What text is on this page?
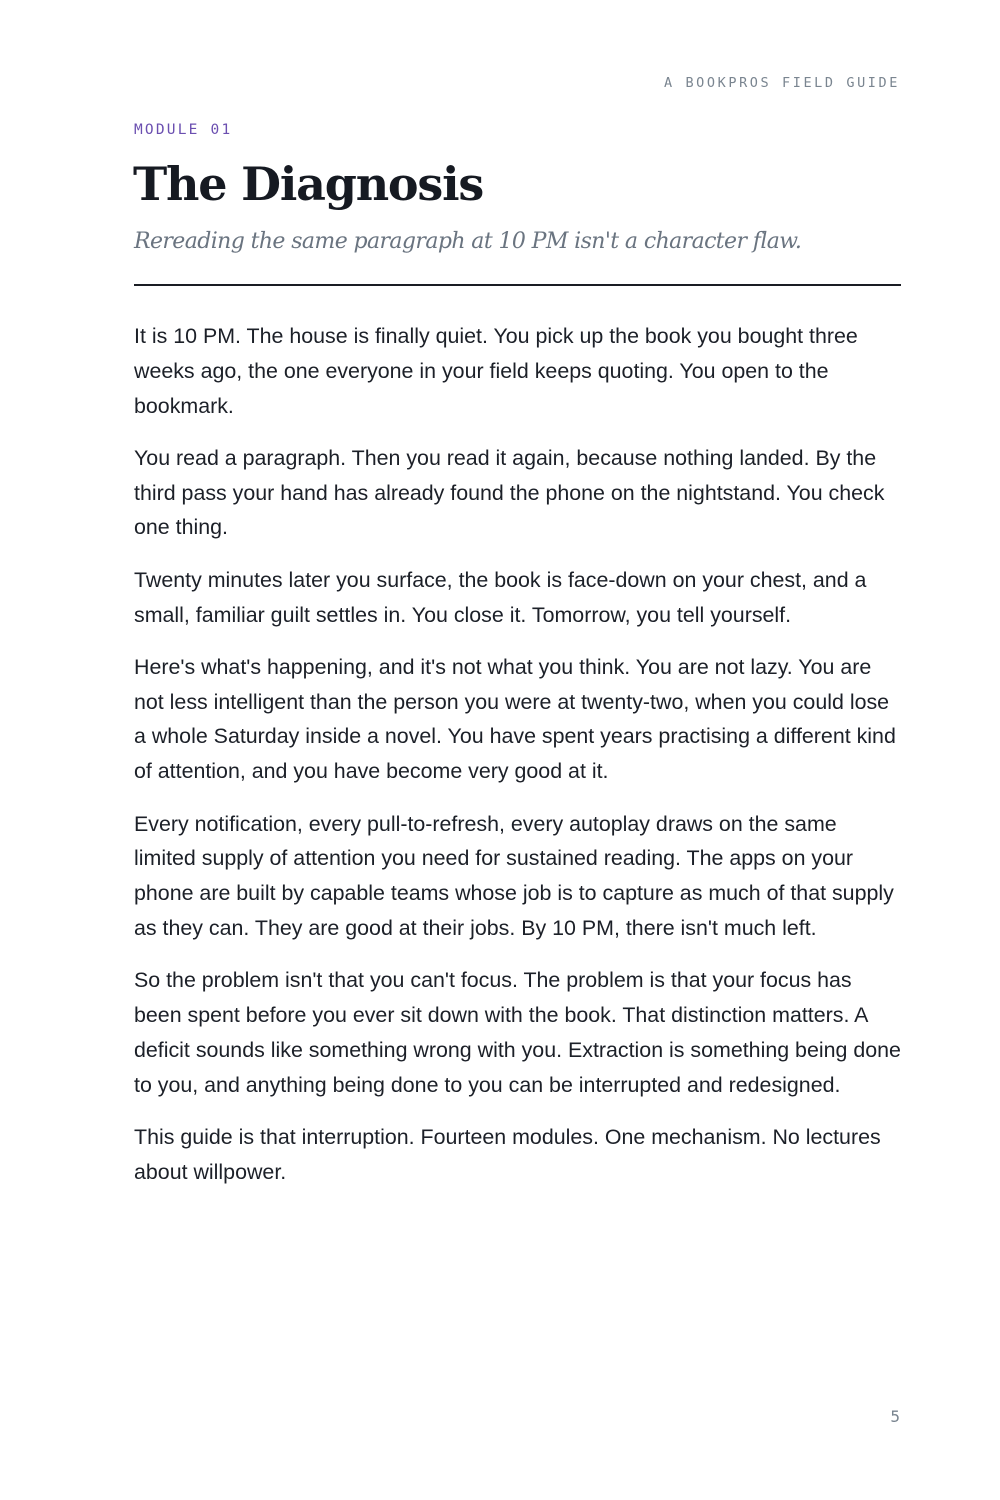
A BOOKPROS FIELD GUIDE
MODULE 01
The Diagnosis

Rereading the same paragraph at 10 PM isn't a character flaw.

It is 10 PM. The house is finally quiet. You pick up the book you bought three weeks ago, the one everyone in your field keeps quoting. You open to the bookmark.

You read a paragraph. Then you read it again, because nothing landed. By the third pass your hand has already found the phone on the nightstand. You check one thing.

Twenty minutes later you surface, the book is face-down on your chest, and a small, familiar guilt settles in. You close it. Tomorrow, you tell yourself.

Here's what's happening, and it's not what you think. You are not lazy. You are not less intelligent than the person you were at twenty-two, when you could lose a whole Saturday inside a novel. You have spent years practising a different kind of attention, and you have become very good at it.

Every notification, every pull-to-refresh, every autoplay draws on the same limited supply of attention you need for sustained reading. The apps on your phone are built by capable teams whose job is to capture as much of that supply as they can. They are good at their jobs. By 10 PM, there isn't much left.

So the problem isn't that you can't focus. The problem is that your focus has been spent before you ever sit down with the book. That distinction matters. A deficit sounds like something wrong with you. Extraction is something being done to you, and anything being done to you can be interrupted and redesigned.

This guide is that interruption. Fourteen modules. One mechanism. No lectures about willpower.

5
